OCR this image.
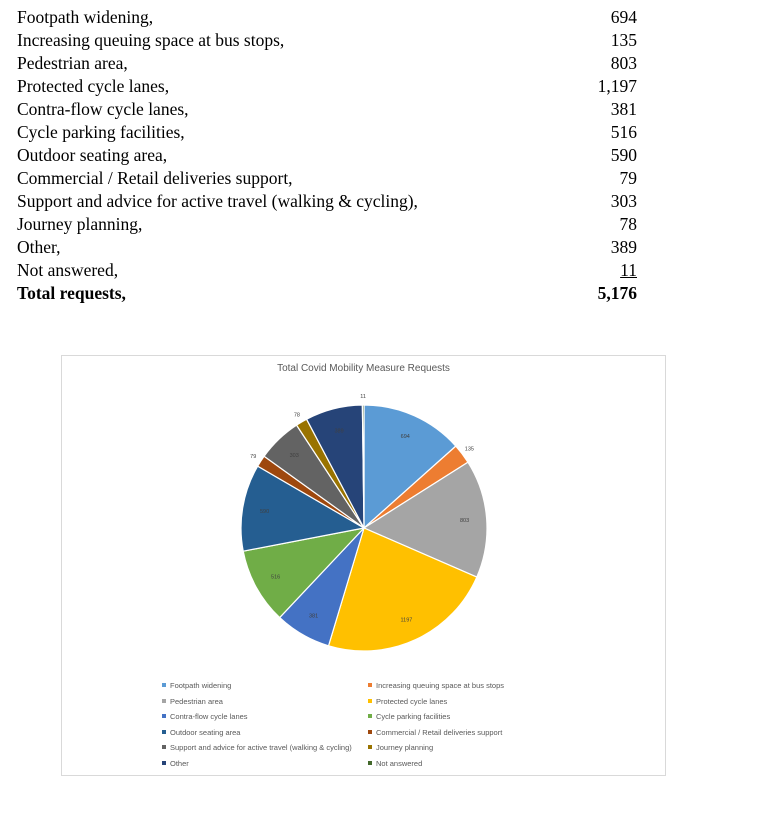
Footpath widening,	694
Increasing queuing space at bus stops,	135
Pedestrian area,	803
Protected cycle lanes,	1,197
Contra-flow cycle lanes,	381
Cycle parking facilities,	516
Outdoor seating area,	590
Commercial / Retail deliveries support,	79
Support and advice for active travel (walking & cycling),	303
Journey planning,	78
Other,	389
Not answered,	11
Total requests,	5,176
Total Covid Mobility Measure Requests
694
135
803
1197
381
516
590
79	303
78
389
11
Footpath widening	Increasing queuing space at bus stops
Pedestrian area	Protected cycle lanes
Contra-flow cycle lanes	Cycle parking facilities
Outdoor seating area	Commercial / Retail deliveries support
Support and advice for active travel (walking & cycling)	Journey planning
Other	Not answered
